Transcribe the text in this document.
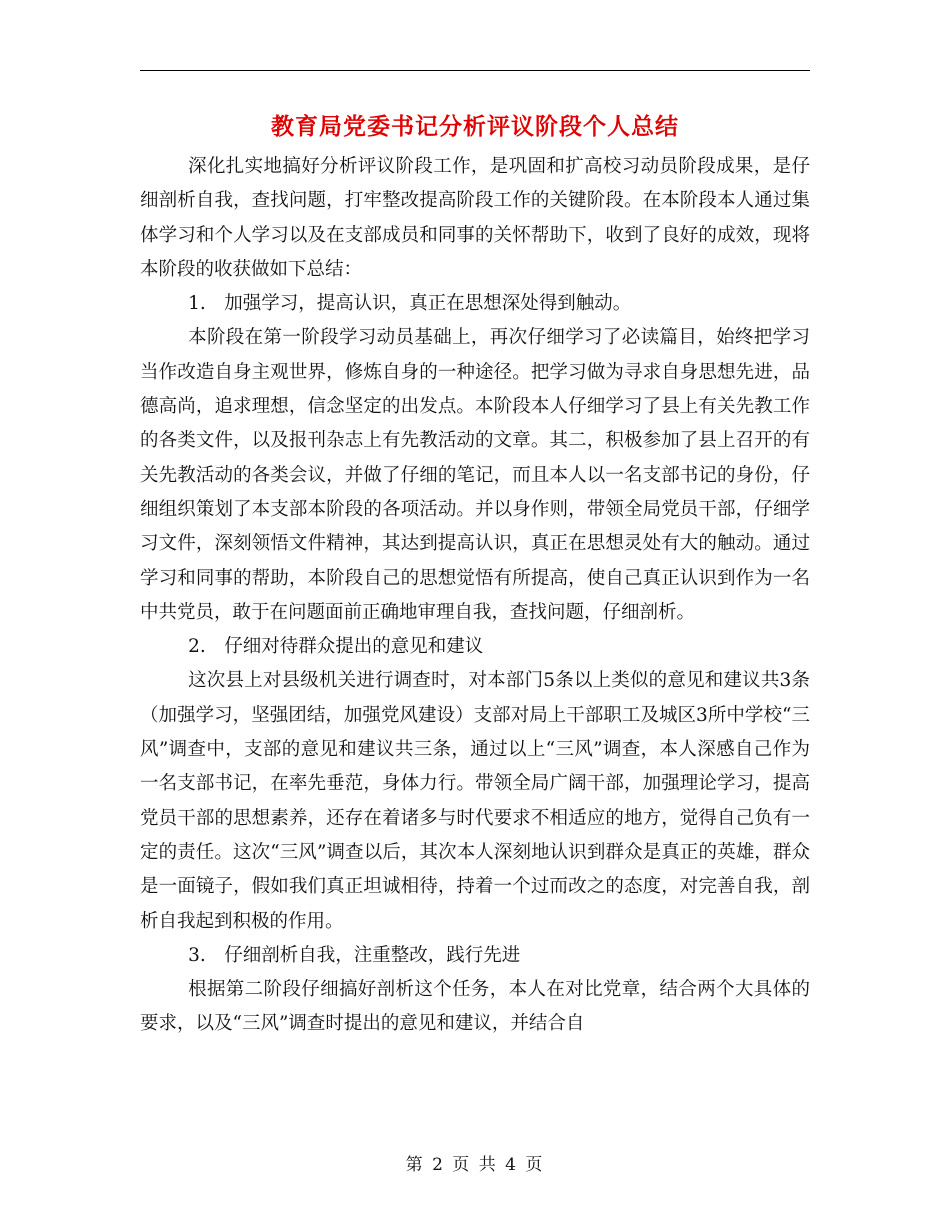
教育局党委书记分析评议阶段个人总结

深化扎实地搞好分析评议阶段工作，是巩固和扩高校习动员阶段成果，是仔细剖析自我，查找问题，打牢整改提高阶段工作的关键阶段。在本阶段本人通过集体学习和个人学习以及在支部成员和同事的关怀帮助下，收到了良好的成效，现将本阶段的收获做如下总结：

1.　加强学习，提高认识，真正在思想深处得到触动。

本阶段在第一阶段学习动员基础上，再次仔细学习了必读篇目，始终把学习当作改造自身主观世界，修炼自身的一种途径。把学习做为寻求自身思想先进，品德高尚，追求理想，信念坚定的出发点。本阶段本人仔细学习了县上有关先教工作的各类文件，以及报刊杂志上有先教活动的文章。其二，积极参加了县上召开的有关先教活动的各类会议，并做了仔细的笔记，而且本人以一名支部书记的身份，仔细组织策划了本支部本阶段的各项活动。并以身作则，带领全局党员干部，仔细学习文件，深刻领悟文件精神，其达到提高认识，真正在思想灵处有大的触动。通过学习和同事的帮助，本阶段自己的思想觉悟有所提高，使自己真正认识到作为一名中共党员，敢于在问题面前正确地审理自我，查找问题，仔细剖析。

2.　仔细对待群众提出的意见和建议

这次县上对县级机关进行调查时，对本部门5条以上类似的意见和建议共3条（加强学习，坚强团结，加强党风建设）支部对局上干部职工及城区3所中学校“三风”调查中，支部的意见和建议共三条，通过以上“三风”调查，本人深感自己作为一名支部书记，在率先垂范，身体力行。带领全局广阔干部，加强理论学习，提高党员干部的思想素养，还存在着诸多与时代要求不相适应的地方，觉得自己负有一定的责任。这次“三风”调查以后，其次本人深刻地认识到群众是真正的英雄，群众是一面镜子，假如我们真正坦诚相待，持着一个过而改之的态度，对完善自我，剖析自我起到积极的作用。

3.　仔细剖析自我，注重整改，践行先进

根据第二阶段仔细搞好剖析这个任务，本人在对比党章，结合两个大具体的要求，以及“三风”调查时提出的意见和建议，并结合自

第 2 页 共 4 页
